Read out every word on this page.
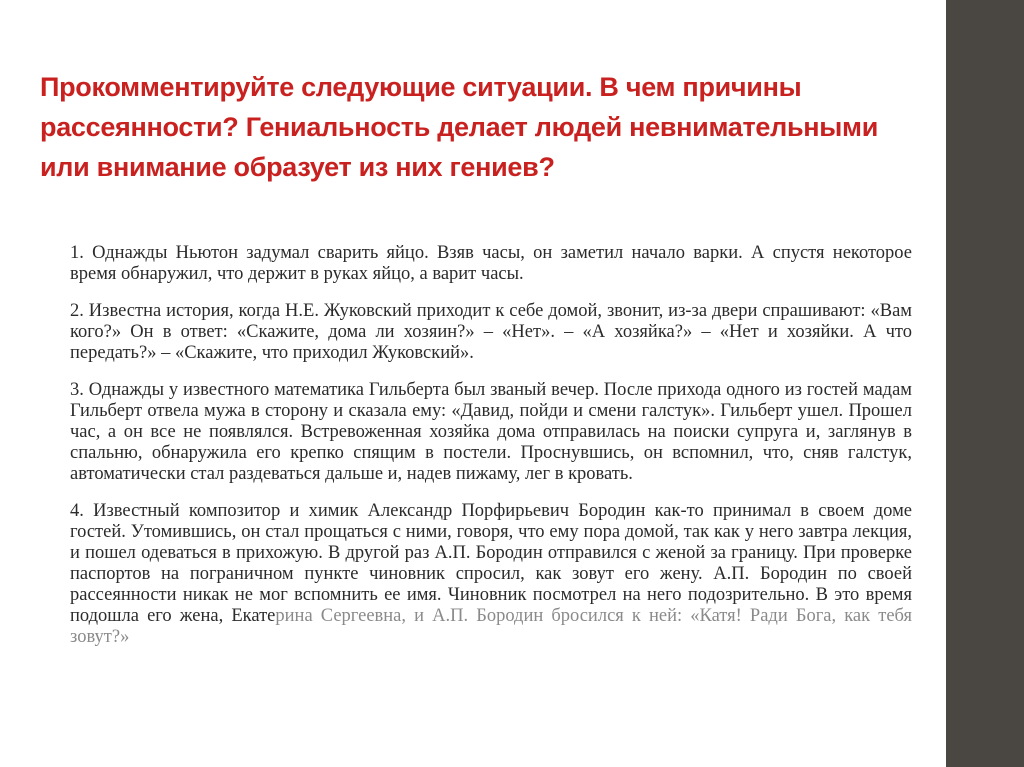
Прокомментируйте следующие ситуации. В чем причины рассеянности? Гениальность делает людей невнимательными или внимание образует из них гениев?

1. Однажды Ньютон задумал сварить яйцо. Взяв часы, он заметил начало варки. А спустя некоторое время обнаружил, что держит в руках яйцо, а варит часы.

2. Известна история, когда Н.Е. Жуковский приходит к себе домой, звонит, из-за двери спрашивают: «Вам кого?» Он в ответ: «Скажите, дома ли хозяин?» – «Нет». – «А хозяйка?» – «Нет и хозяйки. А что передать?» – «Скажите, что приходил Жуковский».

3. Однажды у известного математика Гильберта был званый вечер. После прихода одного из гостей мадам Гильберт отвела мужа в сторону и сказала ему: «Давид, пойди и смени галстук». Гильберт ушел. Прошел час, а он все не появлялся. Встревоженная хозяйка дома отправилась на поиски супруга и, заглянув в спальню, обнаружила его крепко спящим в постели. Проснувшись, он вспомнил, что, сняв галстук, автоматически стал раздеваться дальше и, надев пижаму, лег в кровать.

4. Известный композитор и химик Александр Порфирьевич Бородин как-то принимал в своем доме гостей. Утомившись, он стал прощаться с ними, говоря, что ему пора домой, так как у него завтра лекция, и пошел одеваться в прихожую. В другой раз А.П. Бородин отправился с женой за границу. При проверке паспортов на пограничном пункте чиновник спросил, как зовут его жену. А.П. Бородин по своей рассеянности никак не мог вспомнить ее имя. Чиновник посмотрел на него подозрительно. В это время подошла его жена, Екатерина Сергеевна, и А.П. Бородин бросился к ней: «Катя! Ради Бога, как тебя зовут?»
